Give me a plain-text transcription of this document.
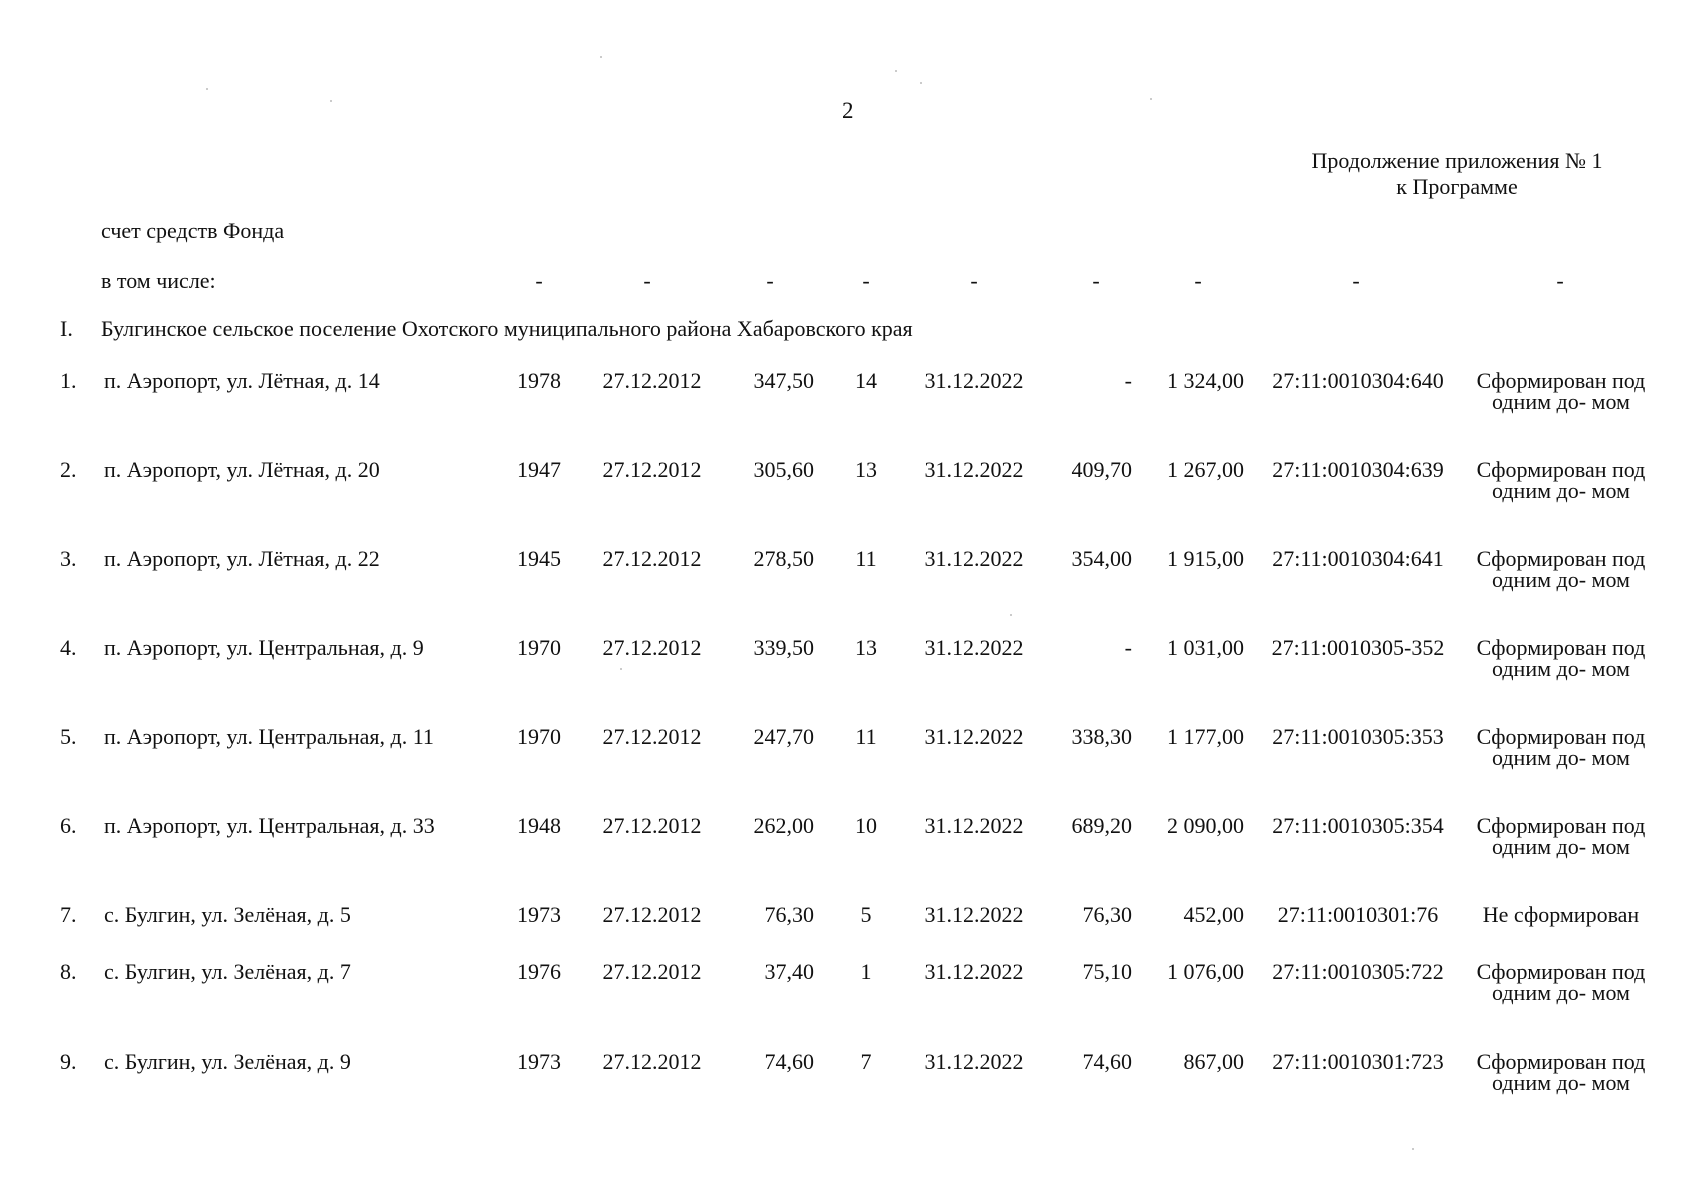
2
Продолжение приложения № 1
к Программе
счет средств Фонда
в том числе:	-	-	-	-	-	-	-	-	-
I. Булгинское сельское поселение Охотского муниципального района Хабаровского края
1. п. Аэропорт, ул. Лётная, д. 14	1978	27.12.2012	347,50	14	31.12.2022	-	1 324,00	27:11:0010304:640	Сформирован под одним до- мом
2. п. Аэропорт, ул. Лётная, д. 20	1947	27.12.2012	305,60	13	31.12.2022	409,70	1 267,00	27:11:0010304:639	Сформирован под одним до- мом
3. п. Аэропорт, ул. Лётная, д. 22	1945	27.12.2012	278,50	11	31.12.2022	354,00	1 915,00	27:11:0010304:641	Сформирован под одним до- мом
4. п. Аэропорт, ул. Центральная, д. 9	1970	27.12.2012	339,50	13	31.12.2022	-	1 031,00	27:11:0010305-352	Сформирован под одним до- мом
5. п. Аэропорт, ул. Центральная, д. 11	1970	27.12.2012	247,70	11	31.12.2022	338,30	1 177,00	27:11:0010305:353	Сформирован под одним до- мом
6. п. Аэропорт, ул. Центральная, д. 33	1948	27.12.2012	262,00	10	31.12.2022	689,20	2 090,00	27:11:0010305:354	Сформирован под одним до- мом
7. с. Булгин, ул. Зелёная, д. 5	1973	27.12.2012	76,30	5	31.12.2022	76,30	452,00	27:11:0010301:76	Не сформирован
8. с. Булгин, ул. Зелёная, д. 7	1976	27.12.2012	37,40	1	31.12.2022	75,10	1 076,00	27:11:0010305:722	Сформирован под одним до- мом
9. с. Булгин, ул. Зелёная, д. 9	1973	27.12.2012	74,60	7	31.12.2022	74,60	867,00	27:11:0010301:723	Сформирован под одним до- мом
